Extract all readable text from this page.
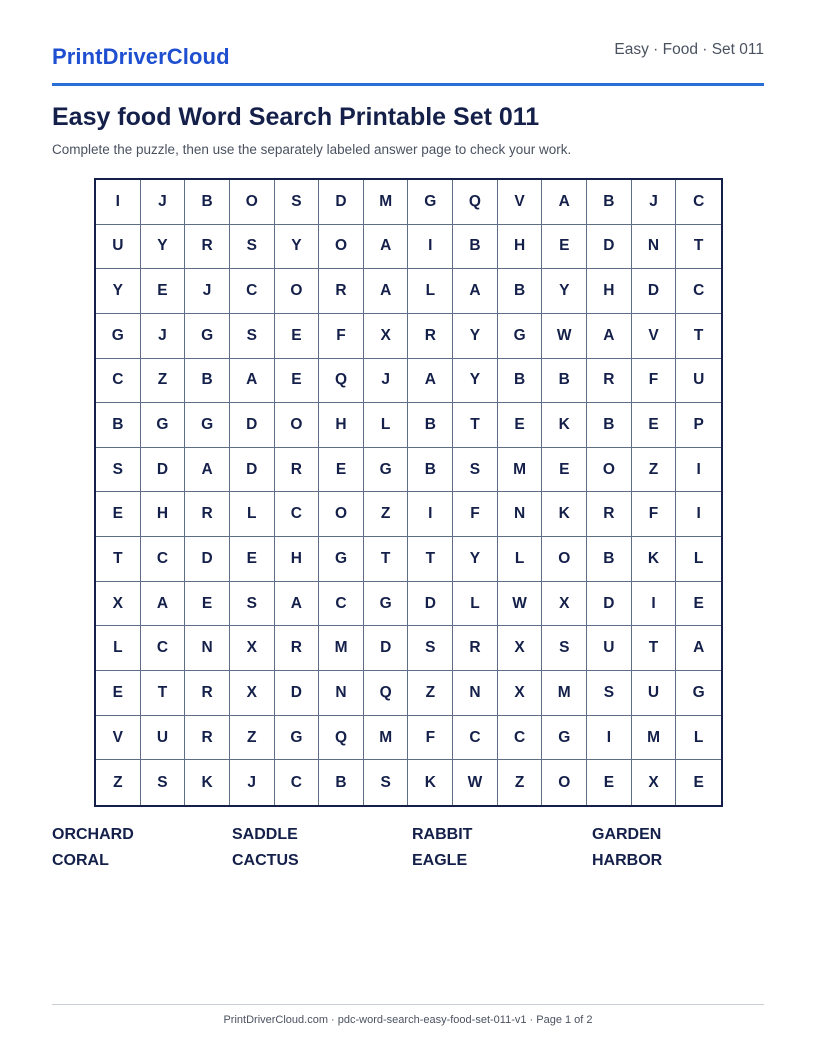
PrintDriverCloud	Easy · Food · Set 011
Easy food Word Search Printable Set 011
Complete the puzzle, then use the separately labeled answer page to check your work.
I	J	B	O	S	D	M	G	Q	V	A	B	J	C
U	Y	R	S	Y	O	A	I	B	H	E	D	N	T
Y	E	J	C	O	R	A	L	A	B	Y	H	D	C
G	J	G	S	E	F	X	R	Y	G	W	A	V	T
C	Z	B	A	E	Q	J	A	Y	B	B	R	F	U
B	G	G	D	O	H	L	B	T	E	K	B	E	P
S	D	A	D	R	E	G	B	S	M	E	O	Z	I
E	H	R	L	C	O	Z	I	F	N	K	R	F	I
T	C	D	E	H	G	T	T	Y	L	O	B	K	L
X	A	E	S	A	C	G	D	L	W	X	D	I	E
L	C	N	X	R	M	D	S	R	X	S	U	T	A
E	T	R	X	D	N	Q	Z	N	X	M	S	U	G
V	U	R	Z	G	Q	M	F	C	C	G	I	M	L
Z	S	K	J	C	B	S	K	W	Z	O	E	X	E
ORCHARD	SADDLE	RABBIT	GARDEN
CORAL	CACTUS	EAGLE	HARBOR
PrintDriverCloud.com · pdc-word-search-easy-food-set-011-v1 · Page 1 of 2
